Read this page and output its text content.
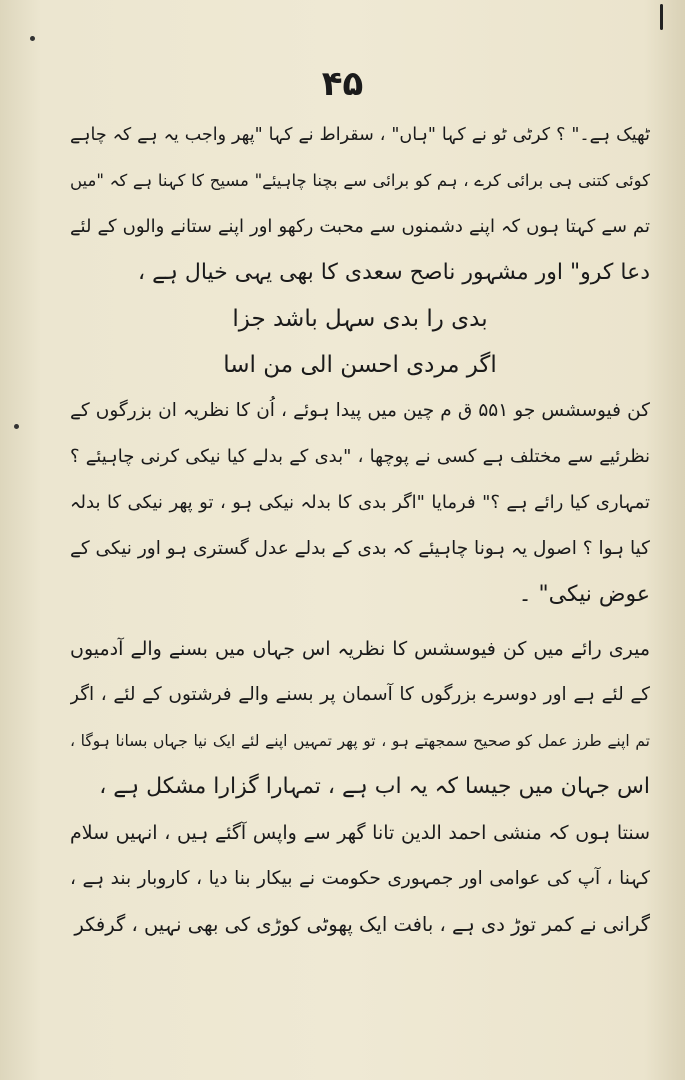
۴۵
ٹھیک ہے۔" ؟ کرٹی ٹو نے کہا "ہاں" ، سقراط نے کہا "پھر واجب یہ ہے کہ چاہے
کوئی کتنی ہی برائی کرے ، ہم کو برائی سے بچنا چاہیئے" مسیح کا کہنا ہے کہ "میں
تم سے کہتا ہوں کہ اپنے دشمنوں سے محبت رکھو اور اپنے ستانے والوں کے لئے
دعا کرو" اور مشہور ناصح سعدی کا بھی یہی خیال ہے ،
بدی را بدی سہل باشد جزا
اگر مردی احسن الی من اسا
کن فیوسشس جو ۵۵۱ ق م چین میں پیدا ہوئے ، اُن کا نظریہ ان بزرگوں کے
نظرئیے سے مختلف ہے کسی نے پوچھا ، "بدی کے بدلے کیا نیکی کرنی چاہیئے ؟
تمہاری کیا رائے ہے ؟" فرمایا "اگر بدی کا بدلہ نیکی ہو ، تو پھر نیکی کا بدلہ
کیا ہوا ؟ اصول یہ ہونا چاہیئے کہ بدی کے بدلے عدل گستری ہو اور نیکی کے
عوض نیکی" ۔
میری رائے میں کن فیوسشس کا نظریہ اس جہاں میں بسنے والے آدمیوں
کے لئے ہے اور دوسرے بزرگوں کا آسمان پر بسنے والے فرشتوں کے لئے ، اگر
تم اپنے طرز عمل کو صحیح سمجھتے ہو ، تو پھر تمہیں اپنے لئے ایک نیا جہاں بسانا ہوگا ،
اس جہان میں جیسا کہ یہ اب ہے ، تمہارا گزارا مشکل ہے ،
سنتا ہوں کہ منشی احمد الدین تانا گھر سے واپس آگئے ہیں ، انہیں سلام
کہنا ، آپ کی عوامی اور جمہوری حکومت نے بیکار بنا دیا ، کاروبار بند ہے ،
گرانی نے کمر توڑ دی ہے ، بافت ایک پھوٹی کوڑی کی بھی نہیں ، گرفکر
